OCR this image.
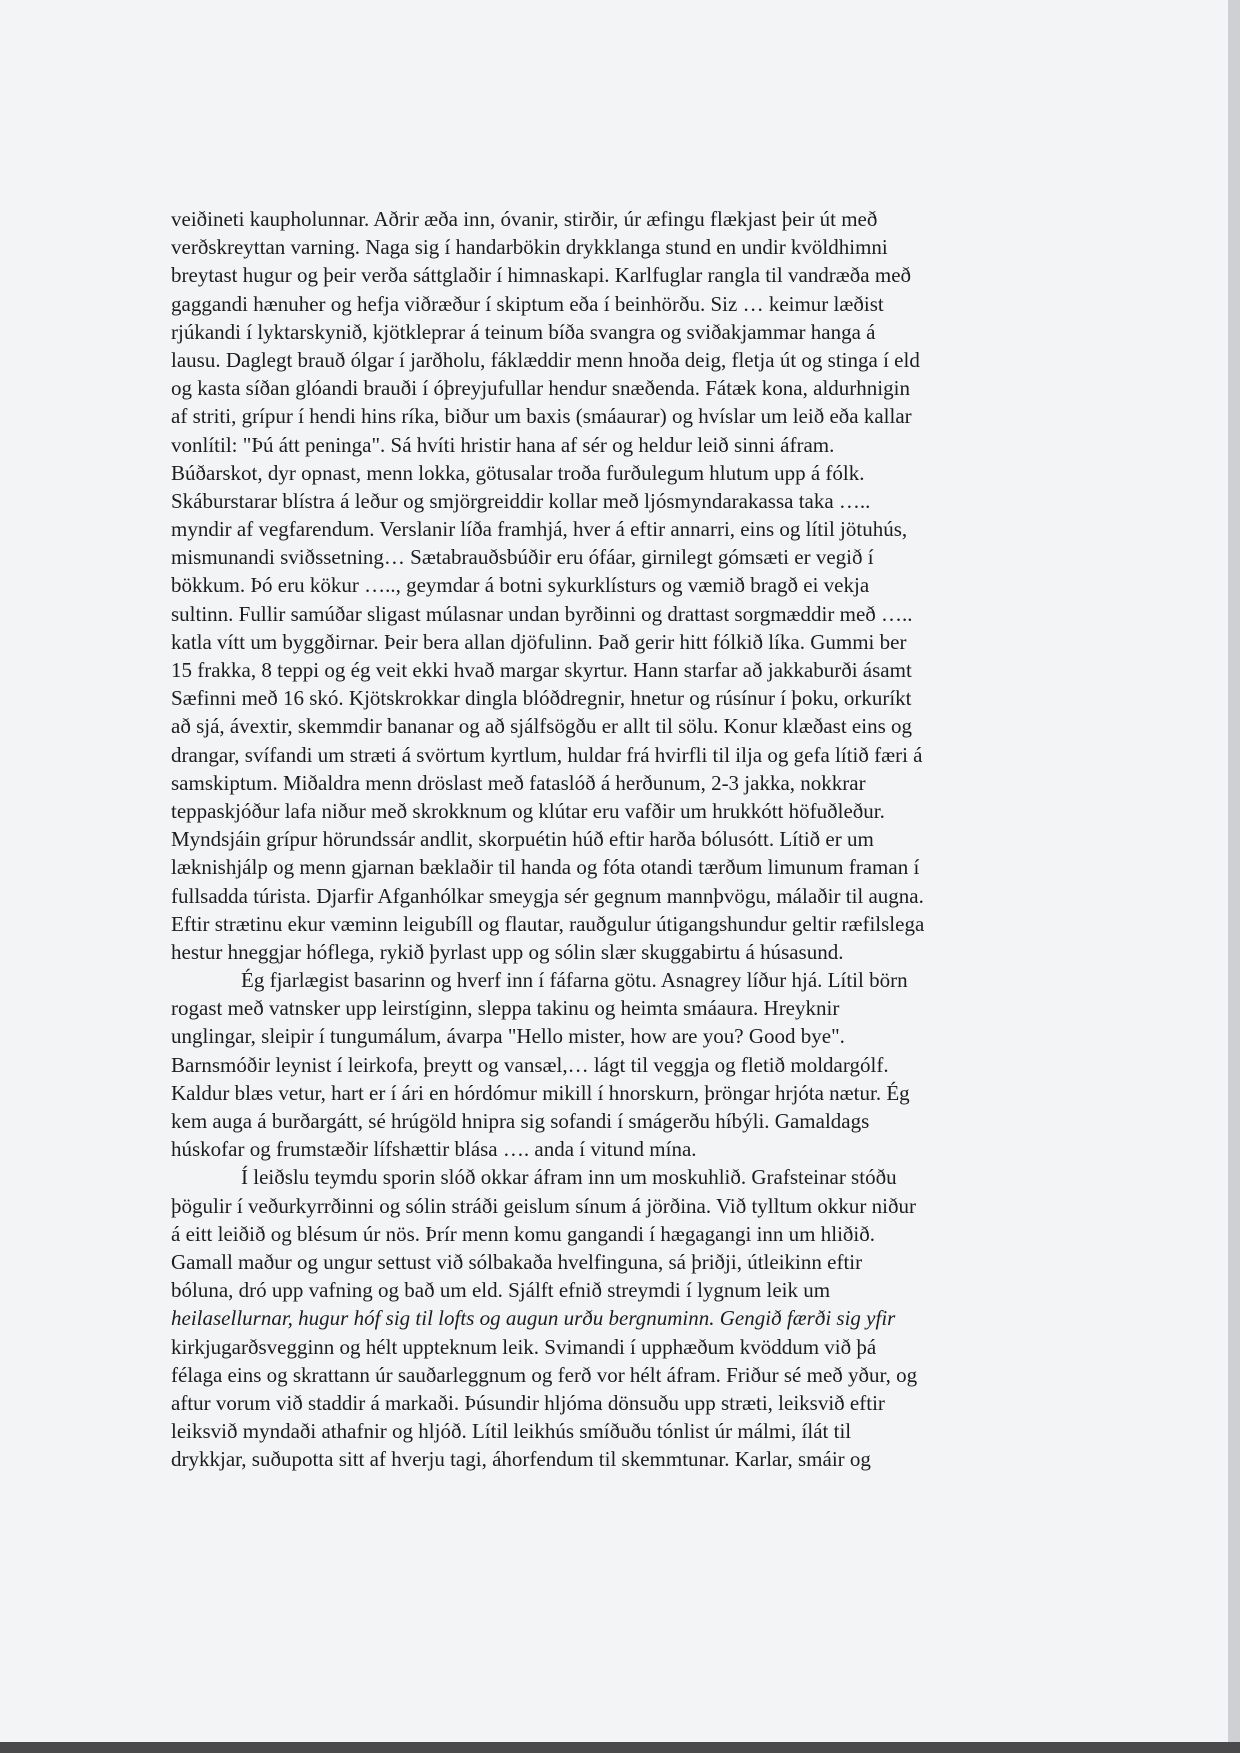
veiðineti kaupholunnar. Aðrir æða inn, óvanir, stirðir, úr æfingu flækjast þeir út með
verðskreyttan varning. Naga sig í handarbökin drykklanga stund en undir kvöldhimni
breytast hugur og þeir verða sáttglaðir í himnaskapi. Karlfuglar rangla til vandræða með
gaggandi hænuher og hefja viðræður í skiptum eða í beinhörðu. Siz … keimur læðist
rjúkandi í lyktarskynið, kjötkleprar á teinum bíða svangra og sviðakjammar hanga á
lausu. Daglegt brauð ólgar í jarðholu, fáklæddir menn hnoða deig, fletja út og stinga í eld
og kasta síðan glóandi brauði í óþreyjufullar hendur snæðenda. Fátæk kona, aldurhnigin
af striti, grípur í hendi hins ríka, biður um baxis (smáaurar) og hvíslar um leið eða kallar
vonlítil: "Þú átt peninga". Sá hvíti hristir hana af sér og heldur leið sinni áfram.
Búðarskot, dyr opnast, menn lokka, götusalar troða furðulegum hlutum upp á fólk.
Skáburstarar blístra á leður og smjörgreiddir kollar með ljósmyndarakassa taka …..
myndir af vegfarendum. Verslanir líða framhjá, hver á eftir annarri, eins og lítil jötuhús,
mismunandi sviðssetning… Sætabrauðsbúðir eru ófáar, girnilegt gómsæti er vegið í
bökkum. Þó eru kökur ….., geymdar á botni sykurklísturs og væmið bragð ei vekja
sultinn. Fullir samúðar sligast múlasnar undan byrðinni og drattast sorgmæddir með …..
katla vítt um byggðirnar. Þeir bera allan djöfulinn. Það gerir hitt fólkið líka. Gummi ber
15 frakka, 8 teppi og ég veit ekki hvað margar skyrtur. Hann starfar að jakkaburði ásamt
Sæfinni með 16 skó. Kjötskrokkar dingla blóðdregnir, hnetur og rúsínur í þoku, orkuríkt
að sjá, ávextir, skemmdir bananar og að sjálfsögðu er allt til sölu. Konur klæðast eins og
drangar, svífandi um stræti á svörtum kyrtlum, huldar frá hvirfli til ilja og gefa lítið færi á
samskiptum. Miðaldra menn dröslast með fataslóð á herðunum, 2-3 jakka, nokkrar
teppaskjóður lafa niður með skrokknum og klútar eru vafðir um hrukkótt höfuðleður.
Myndsjáin grípur hörundssár andlit, skorpuétin húð eftir harða bólusótt. Lítið er um
læknishjálp og menn gjarnan bæklaðir til handa og fóta otandi tærðum limunum framan í
fullsadda túrista. Djarfir Afganhólkar smeygja sér gegnum mannþvögu, málaðir til augna.
Eftir strætinu ekur væminn leigubíll og flautar, rauðgulur útigangshundur geltir ræfilslega
hestur hneggjar hóflega, rykið þyrlast upp og sólin slær skuggabirtu á húsasund.
Ég fjarlægist basarinn og hverf inn í fáfarna götu. Asnagrey líður hjá. Lítil börn
rogast með vatnsker upp leirstíginn, sleppa takinu og heimta smáaura. Hreyknir
unglingar, sleipir í tungumálum, ávarpa "Hello mister, how are you? Good bye".
Barnsmóðir leynist í leirkofa, þreytt og vansæl,… lágt til veggja og fletið moldargólf.
Kaldur blæs vetur, hart er í ári en hórdómur mikill í hnorskurn, þröngar hrjóta nætur. Ég
kem auga á burðargátt, sé hrúgöld hnipra sig sofandi í smágerðu híbýli. Gamaldags
húskofar og frumstæðir lífshættir blása …. anda í vitund mína.
Í leiðslu teymdu sporin slóð okkar áfram inn um moskuhlið. Grafsteinar stóðu
þögulir í veðurkyrrðinni og sólin stráði geislum sínum á jörðina. Við tylltum okkur niður
á eitt leiðið og blésum úr nös. Þrír menn komu gangandi í hægagangi inn um hliðið.
Gamall maður og ungur settust við sólbakaða hvelfinguna, sá þriðji, útleikinn eftir
bóluna, dró upp vafning og bað um eld. Sjálft efnið streymdi í lygnum leik um
heilasellurnar, hugur hóf sig til lofts og augun urðu bergnuminn. Gengið færði sig yfir
kirkjugarðsvegginn og hélt uppteknum leik. Svimandi í upphæðum kvöddum við þá
félaga eins og skrattann úr sauðarleggnum og ferð vor hélt áfram. Friður sé með yður, og
aftur vorum við staddir á markaði. Þúsundir hljóma dönsuðu upp stræti, leiksvið eftir
leiksvið myndaði athafnir og hljóð. Lítil leikhús smíðuðu tónlist úr málmi, ílát til
drykkjar, suðupotta sitt af hverju tagi, áhorfendum til skemmtunar. Karlar, smáir og
